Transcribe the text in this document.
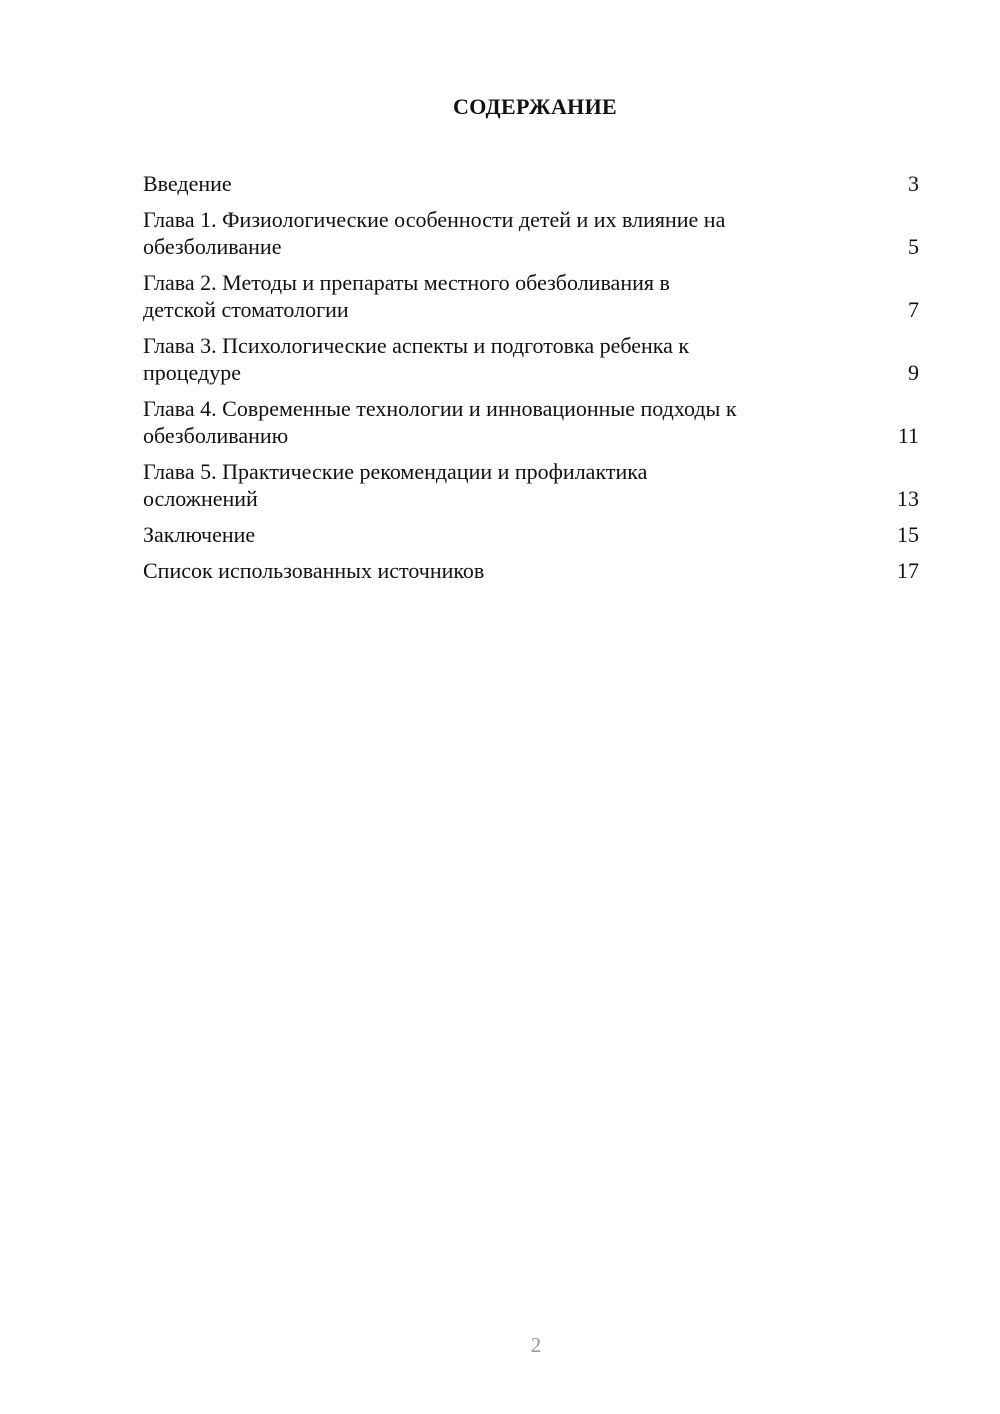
СОДЕРЖАНИЕ
Введение	3
Глава 1. Физиологические особенности детей и их влияние на
обезболивание	5
Глава 2. Методы и препараты местного обезболивания в
детской стоматологии	7
Глава 3. Психологические аспекты и подготовка ребенка к
процедуре	9
Глава 4. Современные технологии и инновационные подходы к
обезболиванию	11
Глава 5. Практические рекомендации и профилактика
осложнений	13
Заключение	15
Список использованных источников	17
2
